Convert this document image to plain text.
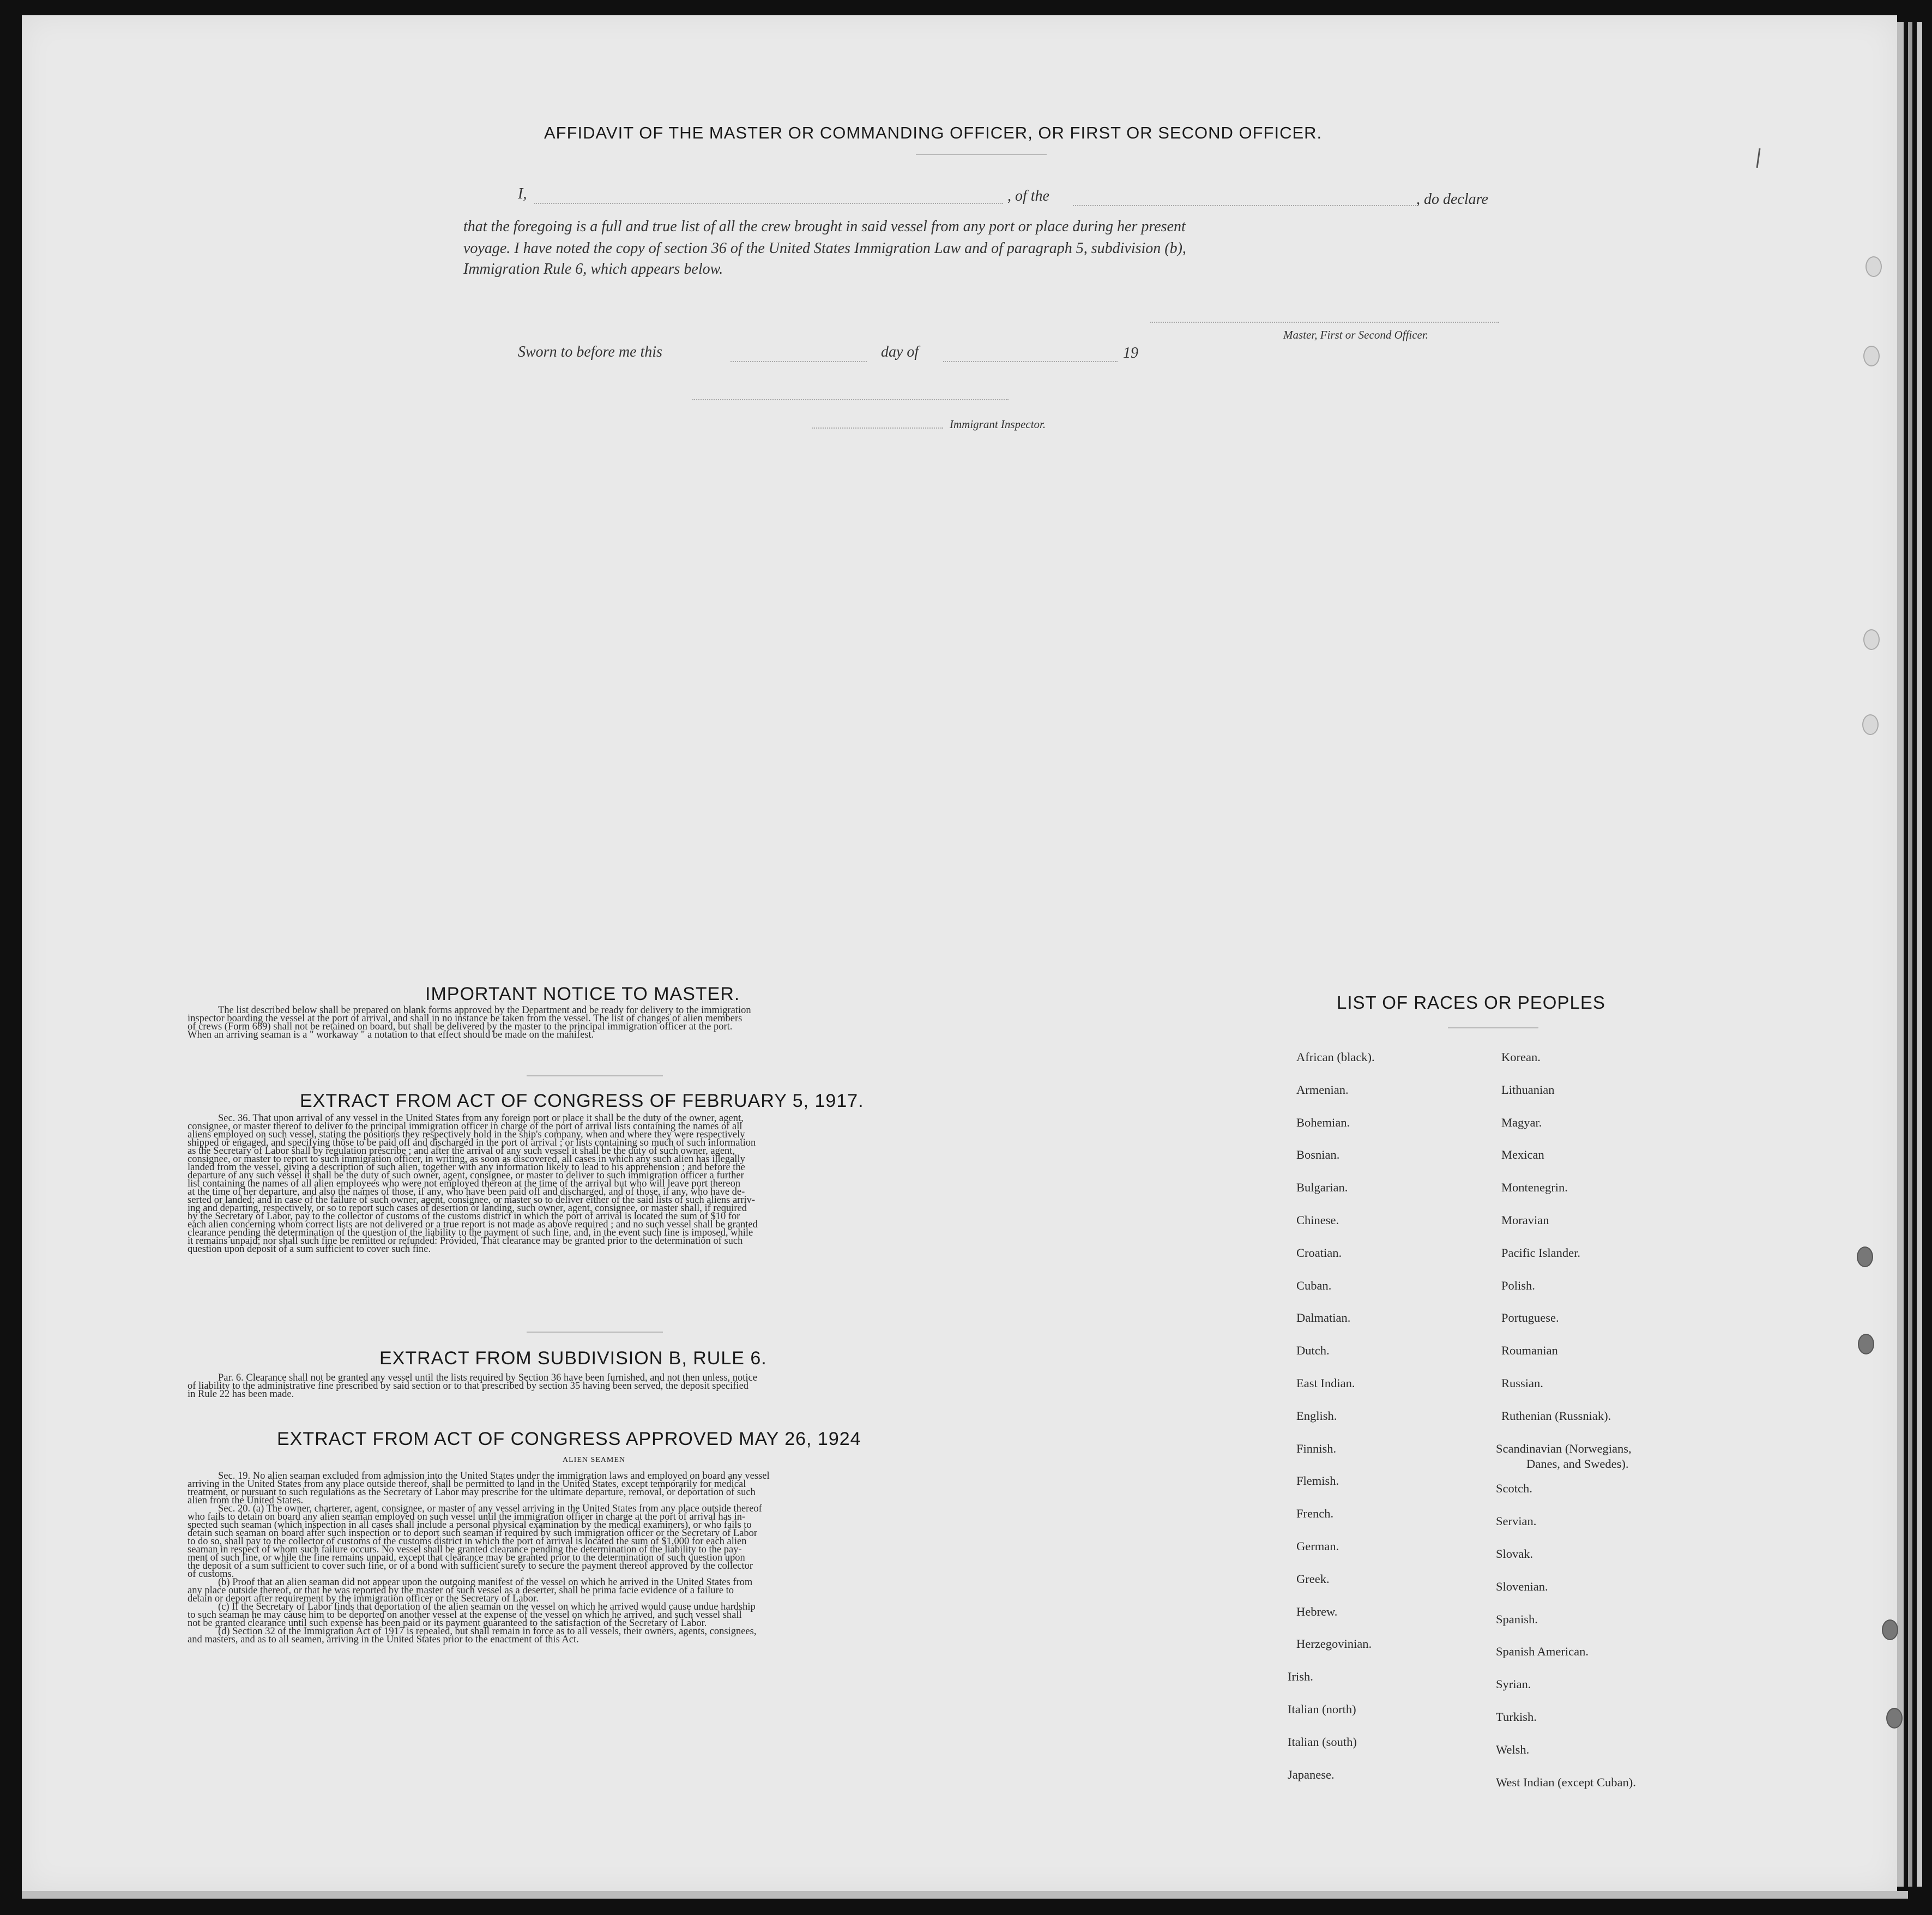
AFFIDAVIT OF THE MASTER OR COMMANDING OFFICER, OR FIRST OR SECOND OFFICER.
I,	, of the	, do declare
that the foregoing is a full and true list of all the crew brought in said vessel from any port or place during her present
voyage. I have noted the copy of section 36 of the United States Immigration Law and of paragraph 5, subdivision (b),
Immigration Rule 6, which appears below.
Master, First or Second Officer.
Sworn to before me this	day of	19
Immigrant Inspector.
IMPORTANT NOTICE TO MASTER.

The list described below shall be prepared on blank forms approved by the Department and be ready for delivery to the immigration

inspector boarding the vessel at the port of arrival, and shall in no instance be taken from the vessel. The list of changes of alien members

of crews (Form 689) shall not be retained on board, but shall be delivered by the master to the principal immigration officer at the port.

When an arriving seaman is a " workaway " a notation to that effect should be made on the manifest.

EXTRACT FROM ACT OF CONGRESS OF FEBRUARY 5, 1917.

Sec. 36. That upon arrival of any vessel in the United States from any foreign port or place it shall be the duty of the owner, agent,

consignee, or master thereof to deliver to the principal immigration officer in charge of the port of arrival lists containing the names of all

aliens employed on such vessel, stating the positions they respectively hold in the ship's company, when and where they were respectively

shipped or engaged, and specifying those to be paid off and discharged in the port of arrival ; or lists containing so much of such information

as the Secretary of Labor shall by regulation prescribe ; and after the arrival of any such vessel it shall be the duty of such owner, agent,

consignee, or master to report to such immigration officer, in writing, as soon as discovered, all cases in which any such alien has illegally

landed from the vessel, giving a description of such alien, together with any information likely to lead to his apprehension ; and before the

departure of any such vessel it shall be the duty of such owner, agent, consignee, or master to deliver to such immigration officer a further

list containing the names of all alien employees who were not employed thereon at the time of the arrival but who will leave port thereon

at the time of her departure, and also the names of those, if any, who have been paid off and discharged, and of those, if any, who have de-

serted or landed; and in case of the failure of such owner, agent, consignee, or master so to deliver either of the said lists of such aliens arriv-

ing and departing, respectively, or so to report such cases of desertion or landing, such owner, agent, consignee, or master shall, if required

by the Secretary of Labor, pay to the collector of customs of the customs district in which the port of arrival is located the sum of $10 for

each alien concerning whom correct lists are not delivered or a true report is not made as above required ; and no such vessel shall be granted

clearance pending the determination of the question of the liability to the payment of such fine, and, in the event such fine is imposed, while

it remains unpaid; nor shall such fine be remitted or refunded: Provided, That clearance may be granted prior to the determination of such

question upon deposit of a sum sufficient to cover such fine.

EXTRACT FROM SUBDIVISION B, RULE 6.

Par. 6. Clearance shall not be granted any vessel until the lists required by Section 36 have been furnished, and not then unless, notice

of liability to the administrative fine prescribed by said section or to that prescribed by section 35 having been served, the deposit specified

in Rule 22 has been made.

EXTRACT FROM ACT OF CONGRESS APPROVED MAY 26, 1924
ALIEN SEAMEN

Sec. 19. No alien seaman excluded from admission into the United States under the immigration laws and employed on board any vessel

arriving in the United States from any place outside thereof, shall be permitted to land in the United States, except temporarily for medical

treatment, or pursuant to such regulations as the Secretary of Labor may prescribe for the ultimate departure, removal, or deportation of such

alien from the United States.

Sec. 20. (a) The owner, charterer, agent, consignee, or master of any vessel arriving in the United States from any place outside thereof

who fails to detain on board any alien seaman employed on such vessel until the immigration officer in charge at the port of arrival has in-

spected such seaman (which inspection in all cases shall include a personal physical examination by the medical examiners), or who fails to

detain such seaman on board after such inspection or to deport such seaman if required by such immigration officer or the Secretary of Labor

to do so, shall pay to the collector of customs of the customs district in which the port of arrival is located the sum of $1,000 for each alien

seaman in respect of whom such failure occurs. No vessel shall be granted clearance pending the determination of the liability to the pay-

ment of such fine, or while the fine remains unpaid, except that clearance may be granted prior to the determination of such question upon

the deposit of a sum sufficient to cover such fine, or of a bond with sufficient surety to secure the payment thereof approved by the collector

of customs.

(b) Proof that an alien seaman did not appear upon the outgoing manifest of the vessel on which he arrived in the United States from

any place outside thereof, or that he was reported by the master of such vessel as a deserter, shall be prima facie evidence of a failure to

detain or deport after requirement by the immigration officer or the Secretary of Labor.

(c) If the Secretary of Labor finds that deportation of the alien seaman on the vessel on which he arrived would cause undue hardship

to such seaman he may cause him to be deported on another vessel at the expense of the vessel on which he arrived, and such vessel shall

not be granted clearance until such expense has been paid or its payment guaranteed to the satisfaction of the Secretary of Labor.

(d) Section 32 of the Immigration Act of 1917 is repealed, but shall remain in force as to all vessels, their owners, agents, consignees,

and masters, and as to all seamen, arriving in the United States prior to the enactment of this Act.

LIST OF RACES OR PEOPLES
African (black).
Armenian.
Bohemian.
Bosnian.
Bulgarian.
Chinese.
Croatian.
Cuban.
Dalmatian.
Dutch.
East Indian.
English.
Finnish.
Flemish.
French.
German.
Greek.
Hebrew.
Herzegovinian.
Irish.
Italian (north)
Italian (south)
Japanese.
Korean.
Lithuanian
Magyar.
Mexican
Montenegrin.
Moravian
Pacific Islander.
Polish.
Portuguese.
Roumanian
Russian.
Ruthenian (Russniak).
Scandinavian (Norwegians,
Danes, and Swedes).
Scotch.
Servian.
Slovak.
Slovenian.
Spanish.
Spanish American.
Syrian.
Turkish.
Welsh.
West Indian (except Cuban).
